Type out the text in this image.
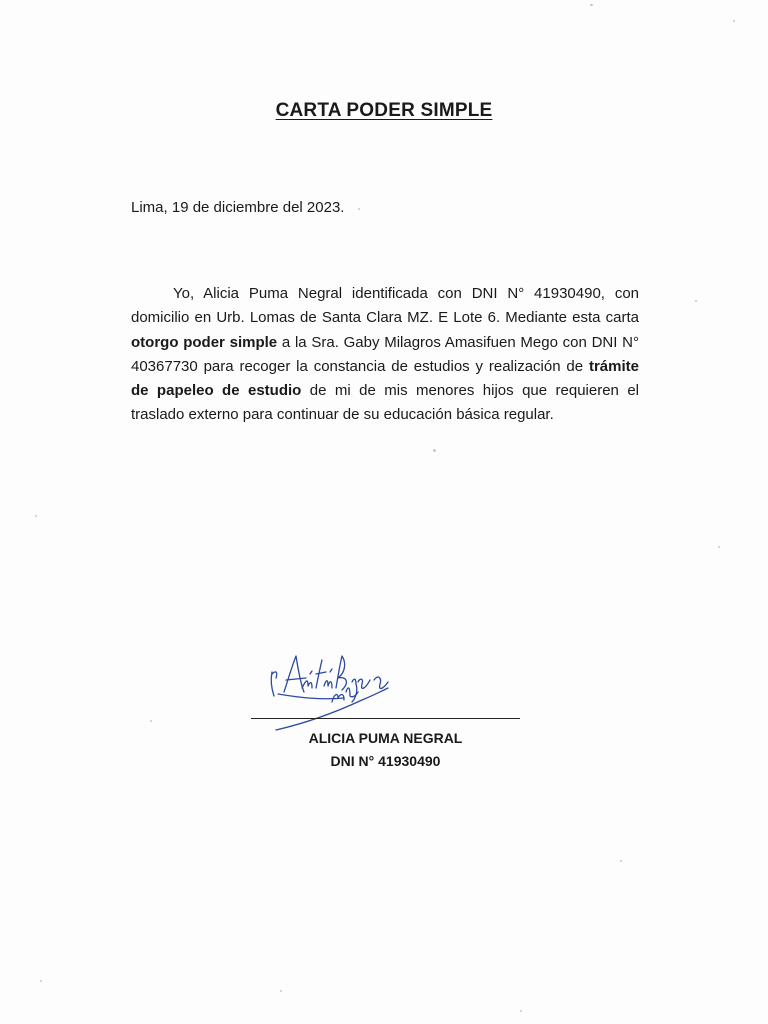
CARTA PODER SIMPLE

Lima, 19 de diciembre del 2023.

Yo, Alicia Puma Negral identificada con DNI N° 41930490, con domicilio en Urb. Lomas de Santa Clara MZ. E Lote 6. Mediante esta carta otorgo poder simple a la Sra. Gaby Milagros Amasifuen Mego con DNI N° 40367730 para recoger la constancia de estudios y realización de trámite de papeleo de estudio de mi de mis menores hijos que requieren el traslado externo para continuar de su educación básica regular.

ALICIA PUMA NEGRAL

DNI N° 41930490
